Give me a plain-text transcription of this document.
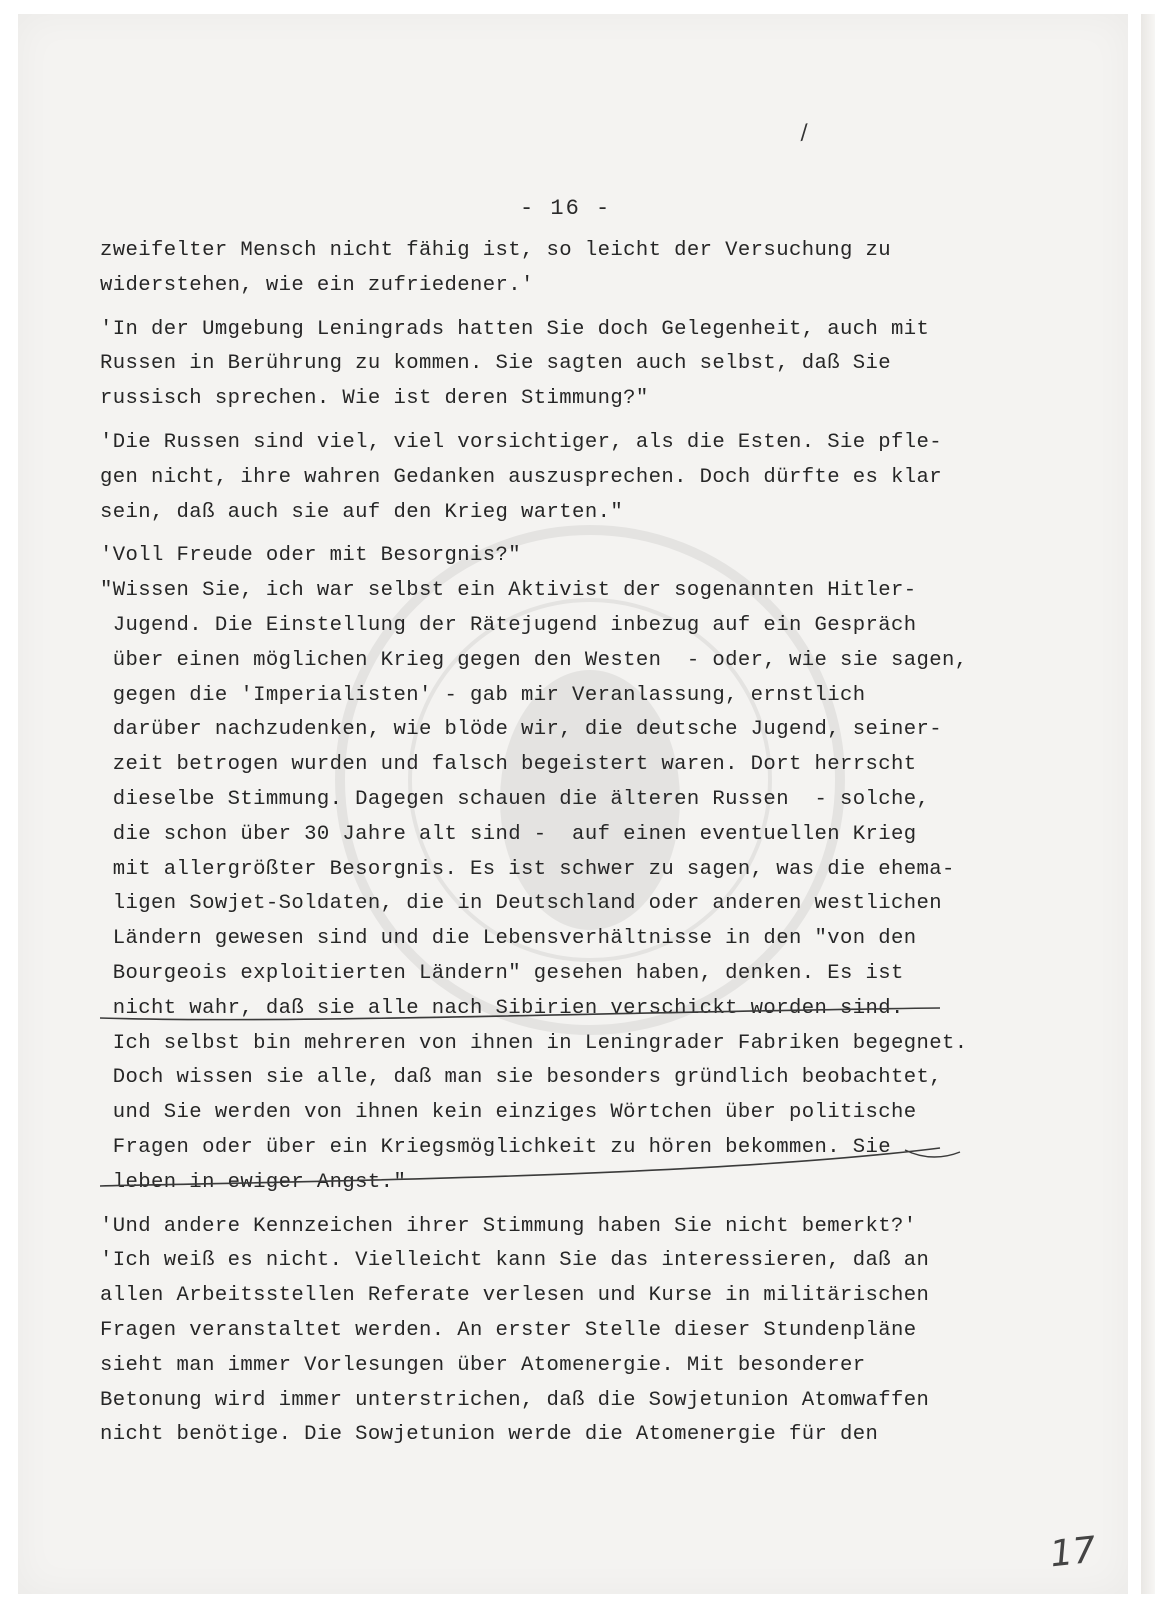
/
- 16 -
zweifelter Mensch nicht fähig ist, so leicht der Versuchung zu
widerstehen, wie ein zufriedener.'
'In der Umgebung Leningrads hatten Sie doch Gelegenheit, auch mit
Russen in Berührung zu kommen. Sie sagten auch selbst, daß Sie
russisch sprechen. Wie ist deren Stimmung?"
'Die Russen sind viel, viel vorsichtiger, als die Esten. Sie pfle-
gen nicht, ihre wahren Gedanken auszusprechen. Doch dürfte es klar
sein, daß auch sie auf den Krieg warten."
'Voll Freude oder mit Besorgnis?"
"Wissen Sie, ich war selbst ein Aktivist der sogenannten Hitler-
Jugend. Die Einstellung der Rätejugend inbezug auf ein Gespräch
über einen möglichen Krieg gegen den Westen  - oder, wie sie sagen,
gegen die 'Imperialisten' - gab mir Veranlassung, ernstlich
darüber nachzudenken, wie blöde wir, die deutsche Jugend, seiner-
zeit betrogen wurden und falsch begeistert waren. Dort herrscht
dieselbe Stimmung. Dagegen schauen die älteren Russen  - solche,
die schon über 30 Jahre alt sind -  auf einen eventuellen Krieg
mit allergrößter Besorgnis. Es ist schwer zu sagen, was die ehema-
ligen Sowjet-Soldaten, die in Deutschland oder anderen westlichen
Ländern gewesen sind und die Lebensverhältnisse in den "von den
Bourgeois exploitierten Ländern" gesehen haben, denken. Es ist
nicht wahr, daß sie alle nach Sibirien verschickt worden sind.
Ich selbst bin mehreren von ihnen in Leningrader Fabriken begegnet.
Doch wissen sie alle, daß man sie besonders gründlich beobachtet,
und Sie werden von ihnen kein einziges Wörtchen über politische
Fragen oder über ein Kriegsmöglichkeit zu hören bekommen. Sie
leben in ewiger Angst."
'Und andere Kennzeichen ihrer Stimmung haben Sie nicht bemerkt?'
'Ich weiß es nicht. Vielleicht kann Sie das interessieren, daß an
allen Arbeitsstellen Referate verlesen und Kurse in militärischen
Fragen veranstaltet werden. An erster Stelle dieser Stundenpläne
sieht man immer Vorlesungen über Atomenergie. Mit besonderer
Betonung wird immer unterstrichen, daß die Sowjetunion Atomwaffen
nicht benötige. Die Sowjetunion werde die Atomenergie für den
17
